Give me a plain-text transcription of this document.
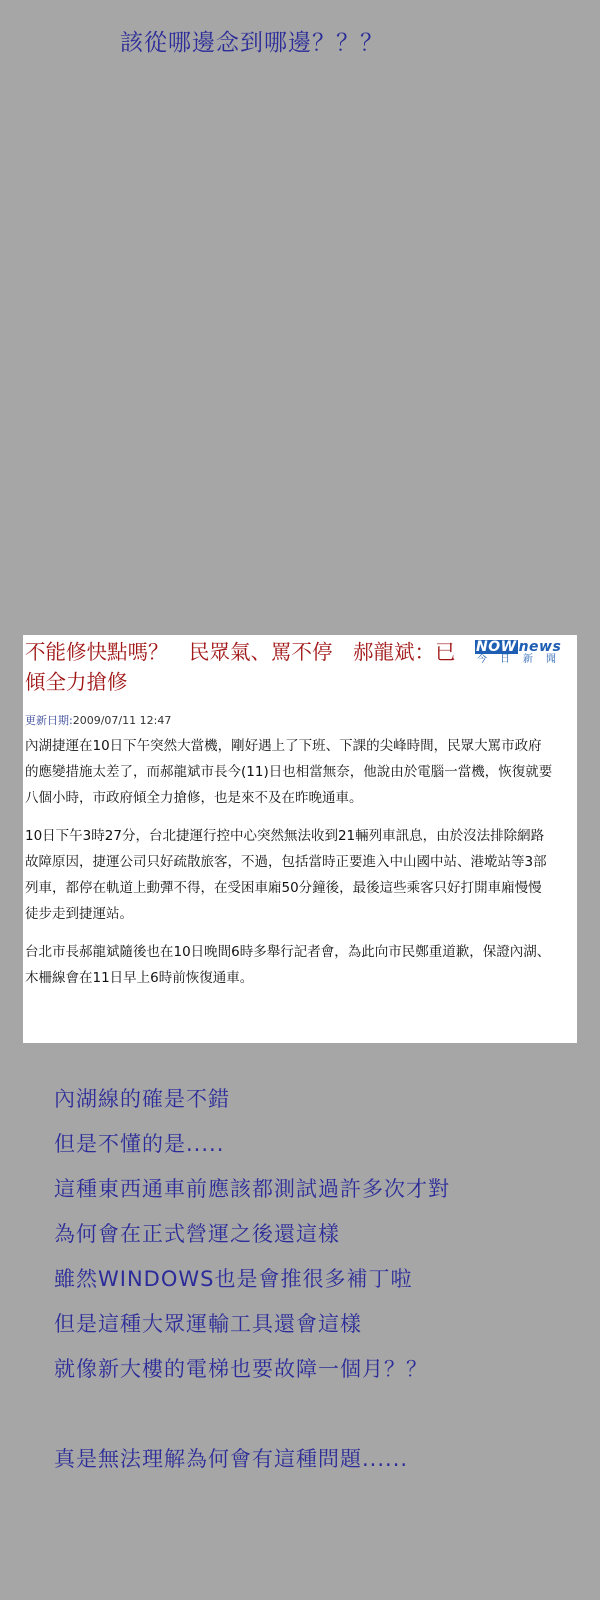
該從哪邊念到哪邊？？？
不能修快點嗎？　民眾氣、罵不停　郝龍斌：已傾全力搶修
NOW news
今日新聞
更新日期:2009/07/11 12:47

內湖捷運在10日下午突然大當機，剛好遇上了下班、下課的尖峰時間，民眾大罵市政府的應變措施太差了，而郝龍斌市長今(11)日也相當無奈，他說由於電腦一當機，恢復就要八個小時，市政府傾全力搶修，也是來不及在昨晚通車。

10日下午3時27分，台北捷運行控中心突然無法收到21輛列車訊息，由於沒法排除網路故障原因，捷運公司只好疏散旅客，不過，包括當時正要進入中山國中站、港墘站等3部列車，都停在軌道上動彈不得，在受困車廂50分鐘後，最後這些乘客只好打開車廂慢慢徒步走到捷運站。

台北市長郝龍斌隨後也在10日晚間6時多舉行記者會，為此向市民鄭重道歉，保證內湖、木柵線會在11日早上6時前恢復通車。

內湖線的確是不錯
但是不懂的是.....
這種東西通車前應該都測試過許多次才對
為何會在正式營運之後還這樣
雖然WINDOWS也是會推很多補丁啦
但是這種大眾運輸工具還會這樣
就像新大樓的電梯也要故障一個月？？
真是無法理解為何會有這種問題......
